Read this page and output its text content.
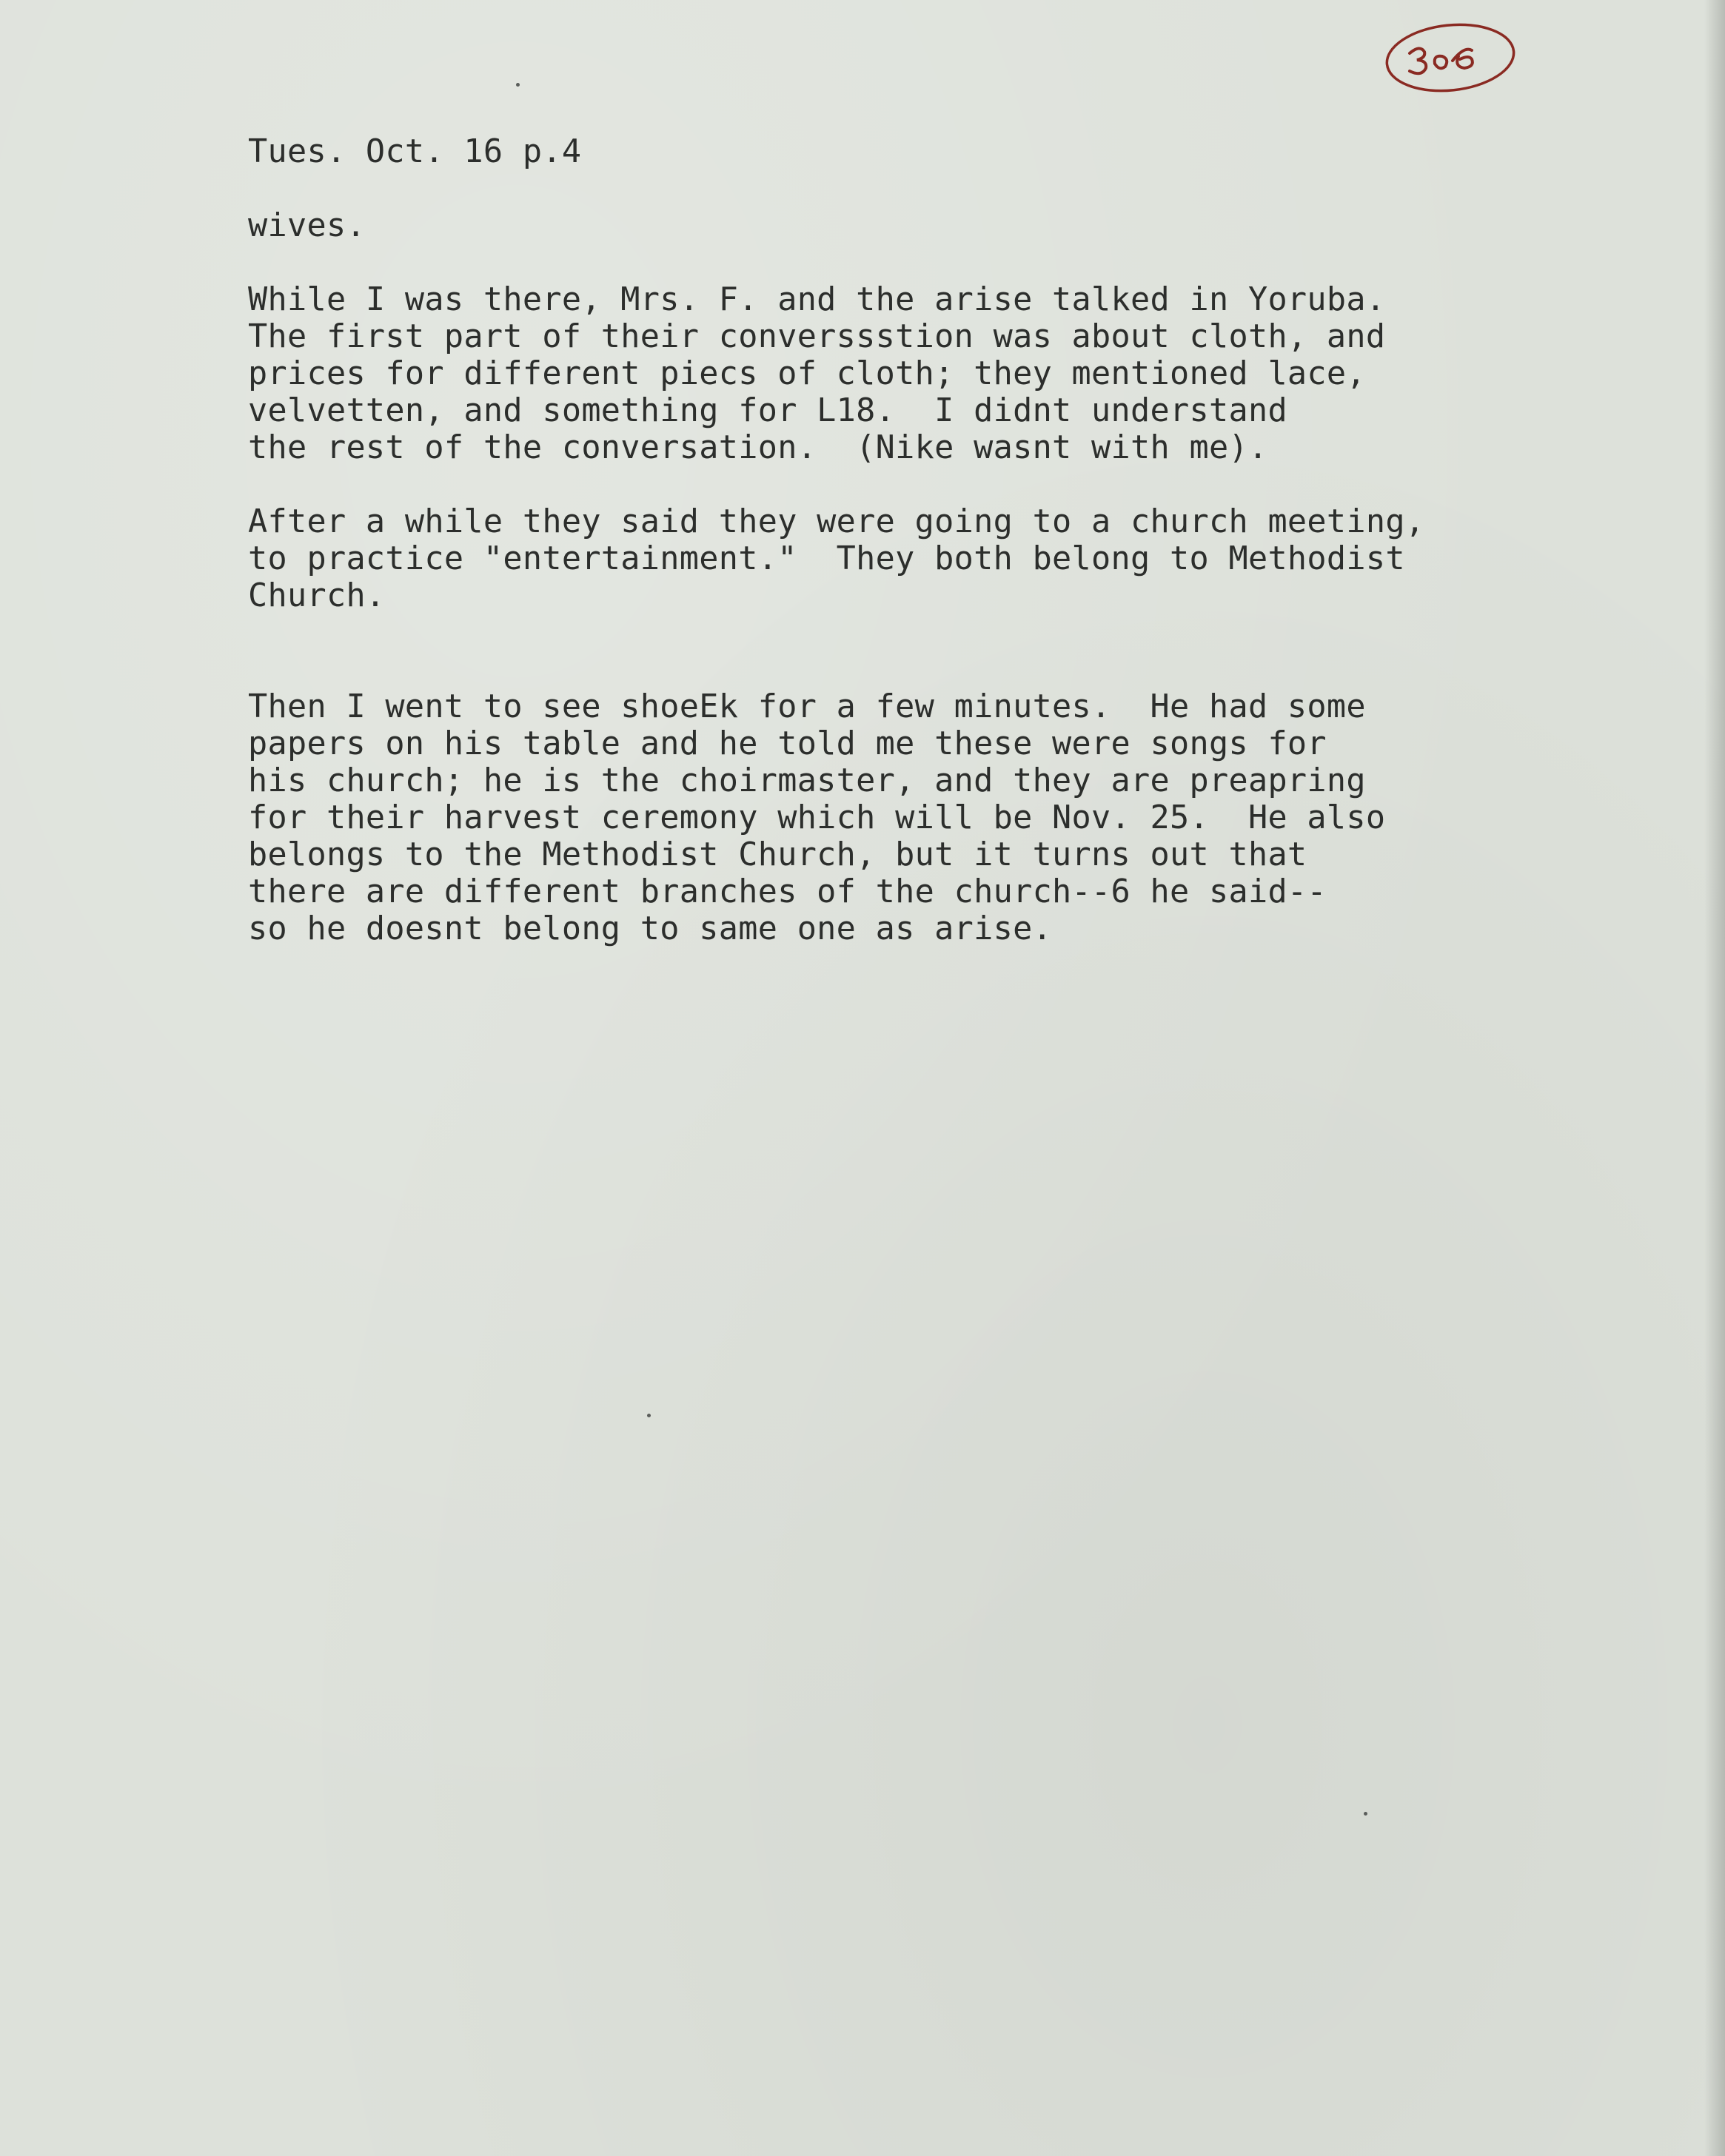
Tues. Oct. 16 p.4

wives.
While I was there, Mrs. F. and the arise talked in Yoruba.
The first part of their converssstion was about cloth, and
prices for different piecs of cloth; they mentioned lace,
velvetten, and something for L18.  I didnt understand
the rest of the conversation.  (Nike wasnt with me).
After a while they said they were going to a church meeting,
to practice "entertainment."  They both belong to Methodist
Church.
Then I went to see shoeEk for a few minutes.  He had some
papers on his table and he told me these were songs for
his church; he is the choirmaster, and they are preapring
for their harvest ceremony which will be Nov. 25.  He also
belongs to the Methodist Church, but it turns out that
there are different branches of the church--6 he said--
so he doesnt belong to same one as arise.
